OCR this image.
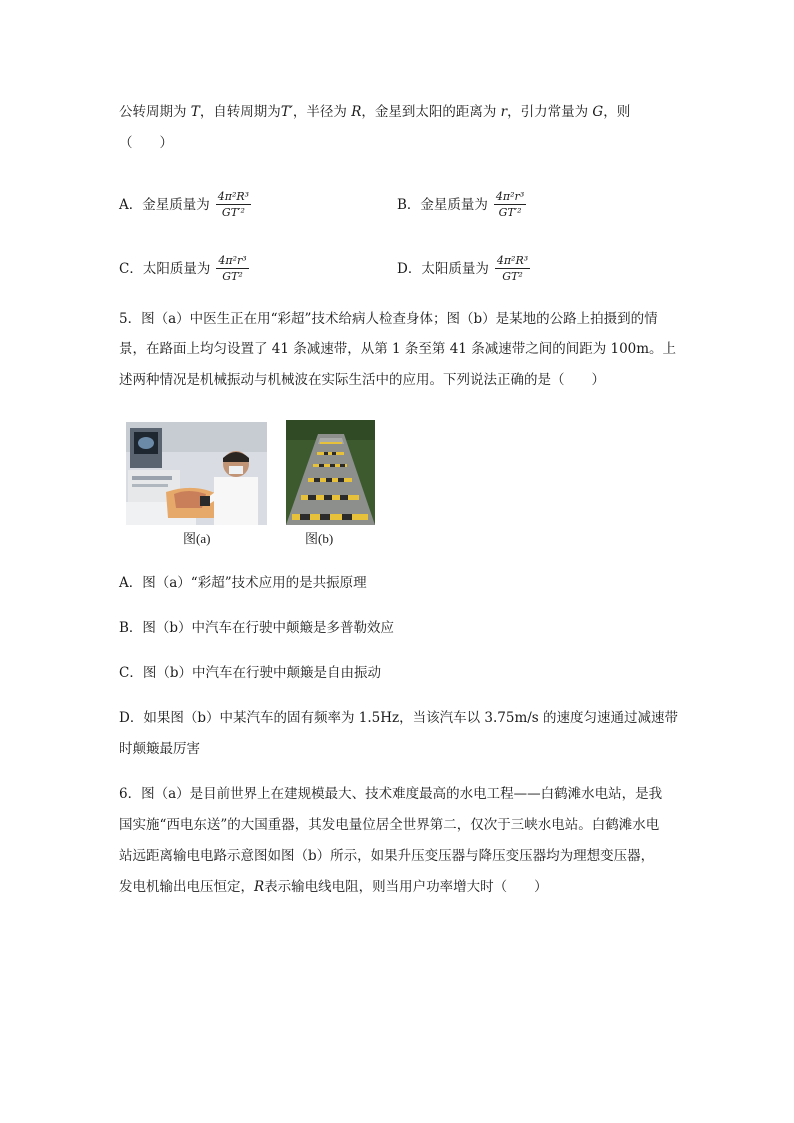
公转周期为 T，自转周期为T′，半径为 R，金星到太阳的距离为 r，引力常量为 G，则
（　　）
A．金星质量为 $\frac{\text{4π²R³}}{\text{GT′²}}$	B．金星质量为 $\frac{\text{4π²r³}}{\text{GT′²}}$
C．太阳质量为 $\frac{\text{4π²r³}}{\text{GT²}}$	D．太阳质量为 $\frac{\text{4π²R³}}{\text{GT²}}$
5．图（a）中医生正在用“彩超”技术给病人检查身体；图（b）是某地的公路上拍摄到的情
景，在路面上均匀设置了 41 条减速带，从第 1 条至第 41 条减速带之间的间距为 100m。上
述两种情况是机械振动与机械波在实际生活中的应用。下列说法正确的是（　　）
图(a)	图(b)
A．图（a）“彩超”技术应用的是共振原理
B．图（b）中汽车在行驶中颠簸是多普勒效应
C．图（b）中汽车在行驶中颠簸是自由振动
D．如果图（b）中某汽车的固有频率为 1.5Hz，当该汽车以 3.75m/s 的速度匀速通过减速带
时颠簸最厉害
6．图（a）是目前世界上在建规模最大、技术难度最高的水电工程——白鹤滩水电站，是我
国实施“西电东送”的大国重器，其发电量位居全世界第二，仅次于三峡水电站。白鹤滩水电
站远距离输电电路示意图如图（b）所示，如果升压变压器与降压变压器均为理想变压器，
发电机输出电压恒定，R表示输电线电阻，则当用户功率增大时（　　）
